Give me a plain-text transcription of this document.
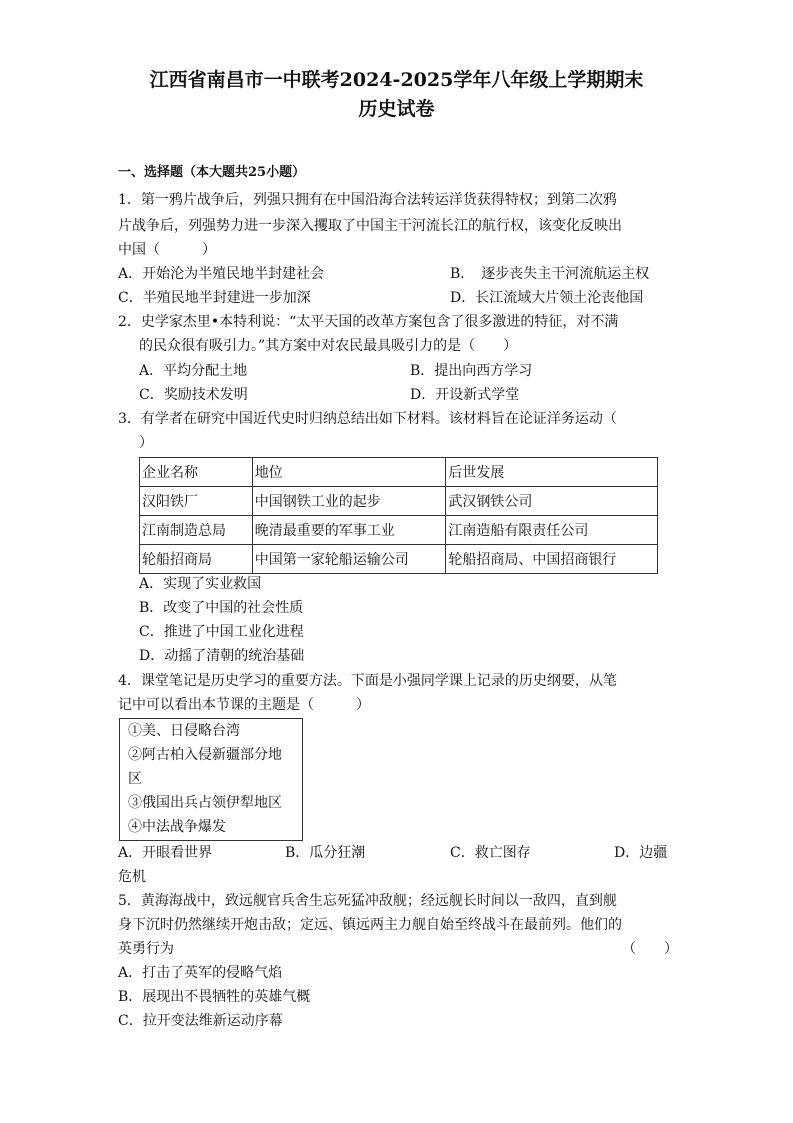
江西省南昌市一中联考2024-2025学年八年级上学期期末
历史试卷
一、选择题（本大题共25小题）
1．第一鸦片战争后，列强只拥有在中国沿海合法转运洋货获得特权；到第二次鸦
片战争后，列强势力进一步深入攫取了中国主干河流长江的航行权，该变化反映出
中国（　　　）
A．开始沦为半殖民地半封建社会	B．　逐步丧失主干河流航运主权
C．半殖民地半封建进一步加深	D．长江流域大片领土沦丧他国
2．史学家杰里•本特利说：“太平天国的改革方案包含了很多激进的特征，对不满
的民众很有吸引力。”其方案中对农民最具吸引力的是（　　）
A．平均分配土地	B．提出向西方学习
C．奖励技术发明	D．开设新式学堂
3．有学者在研究中国近代史时归纳总结出如下材料。该材料旨在论证洋务运动（
）
企业名称	地位	后世发展
汉阳铁厂	中国钢铁工业的起步	武汉钢铁公司
江南制造总局	晚清最重要的军事工业	江南造船有限责任公司
轮船招商局	中国第一家轮船运输公司	轮船招商局、中国招商银行
A．实现了实业救国
B．改变了中国的社会性质
C．推进了中国工业化进程
D．动摇了清朝的统治基础
4．课堂笔记是历史学习的重要方法。下面是小强同学课上记录的历史纲要，从笔
记中可以看出本节课的主题是（　　　）
①美、日侵略台湾
②阿古柏入侵新疆部分地
区
③俄国出兵占领伊犁地区
④中法战争爆发
A．开眼看世界	B．瓜分狂潮	C．救亡图存	D．边疆
危机
5．黄海海战中，致远舰官兵舍生忘死猛冲敌舰；经远舰长时间以一敌四，直到舰
身下沉时仍然继续开炮击敌；定远、镇远两主力舰自始至终战斗在最前列。他们的
英勇行为	（　　）
A．打击了英军的侵略气焰
B．展现出不畏牺牲的英雄气概
C．拉开变法维新运动序幕
